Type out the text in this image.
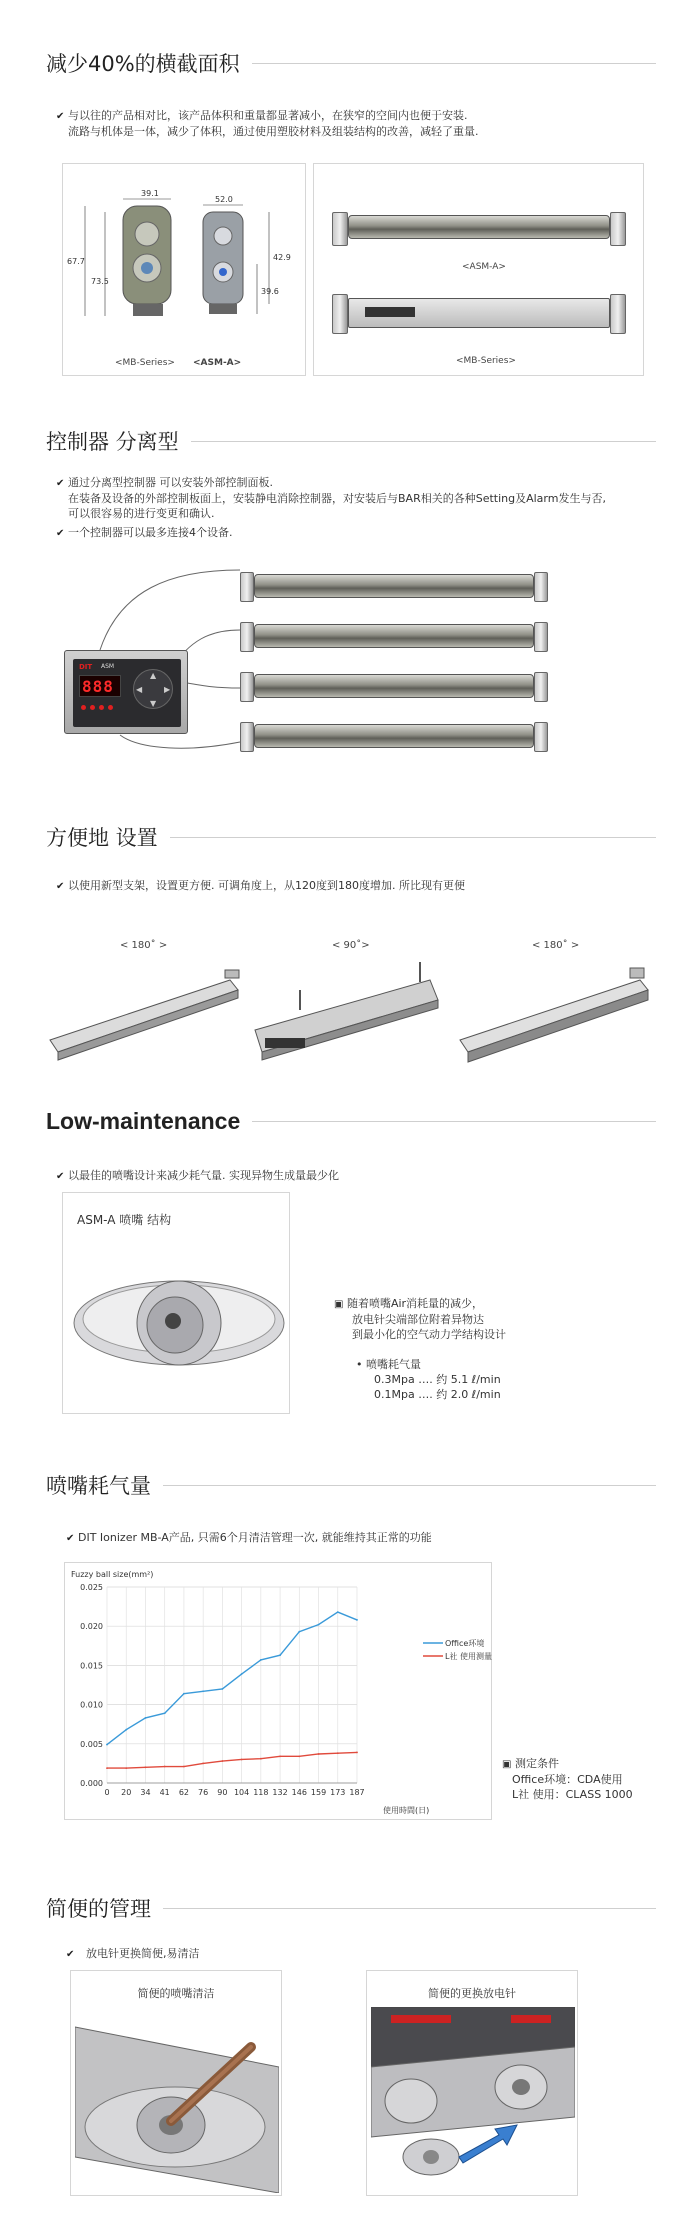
减少40%的横截面积
✔ 与以往的产品相对比，该产品体积和重量都显著减小，在狭窄的空间内也便于安装.
流路与机体是一体，减少了体积，通过使用塑胶材料及组装结构的改善，减轻了重量.
39.1
52.0
67.7
73.5
42.9
39.6
<MB-Series> <ASM-A>
<ASM-A>
<MB-Series>
控制器 分离型
✔ 通过分离型控制器 可以安装外部控制面板.
在装备及设备的外部控制板面上，安装静电消除控制器，对安装后与BAR相关的各种Setting及Alarm发生与否,
可以很容易的进行变更和确认.
✔ 一个控制器可以最多连接4个设备.
DIT ASM
888
▲
▼
◀	▶
方便地 设置
✔ 以使用新型支架，设置更方便. 可调角度上，从120度到180度增加. 所比现有更便
< 180˚ >	< 90˚>	< 180˚ >
Low-maintenance
✔ 以最佳的喷嘴设计来减少耗气量. 实现异物生成量最少化
ASM-A 喷嘴 结构
▣ 随着喷嘴Air消耗量的减少，
放电针尖端部位附着异物达
到最小化的空气动力学结构设计
• 喷嘴耗气量
0.3Mpa …. 约 5.1 ℓ/min
0.1Mpa …. 约 2.0 ℓ/min
喷嘴耗气量
✔ DIT Ionizer MB-A产品, 只需6个月清洁管理一次, 就能维持其正常的功能
Fuzzy ball size(mm²)
0.000
0.005
0.010
0.015
0.020
0.025
0 20 34 41 62 76 90 104 118 132 146 159 173 187
使用時間(日)
Office环境
L社 使用测量
▣ 测定条件
Office环境：CDA使用
L社 使用：CLASS 1000
简便的管理
✔ 放电针更换简便,易清洁
简便的喷嘴清洁	简便的更换放电针
